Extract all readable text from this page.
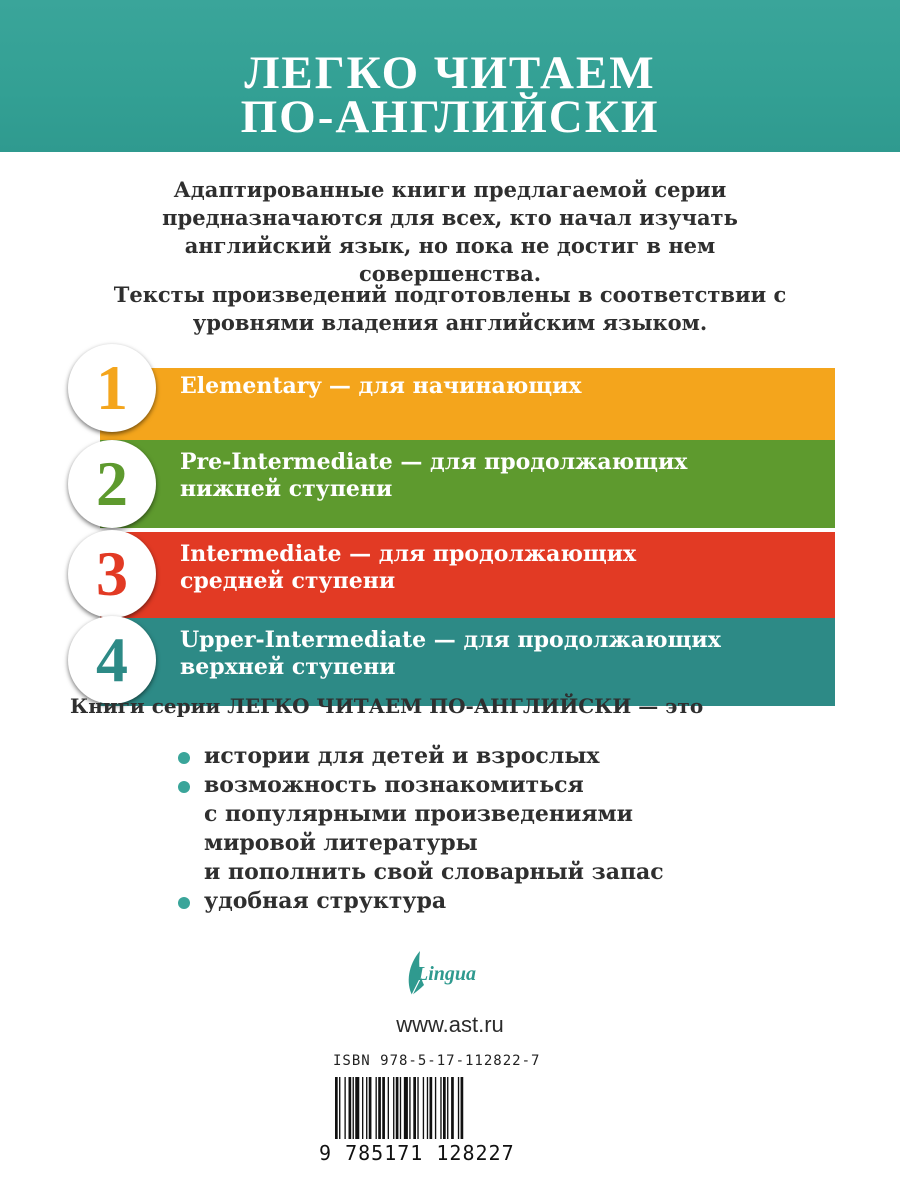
ЛЕГКО ЧИТАЕМ
ПО-АНГЛИЙСКИ
Адаптированные книги предлагаемой серии предназначаются для всех, кто начал изучать английский язык, но пока не достиг в нем совершенства.
Тексты произведений подготовлены в соответствии с уровнями владения английским языком.
Elementary — для начинающих
1
Pre-Intermediate — для продолжающих
нижней ступени
2
Intermediate — для продолжающих
средней ступени
3
Upper-Intermediate — для продолжающих
верхней ступени
4
Книги серии ЛЕГКО ЧИТАЕМ ПО-АНГЛИЙСКИ — это
истории для детей и взрослых
возможность познакомиться
с популярными произведениями
мировой литературы
и пополнить свой словарный запас
удобная структура
Lingua
www.ast.ru
ISBN 978-5-17-112822-7
9 785171 128227
